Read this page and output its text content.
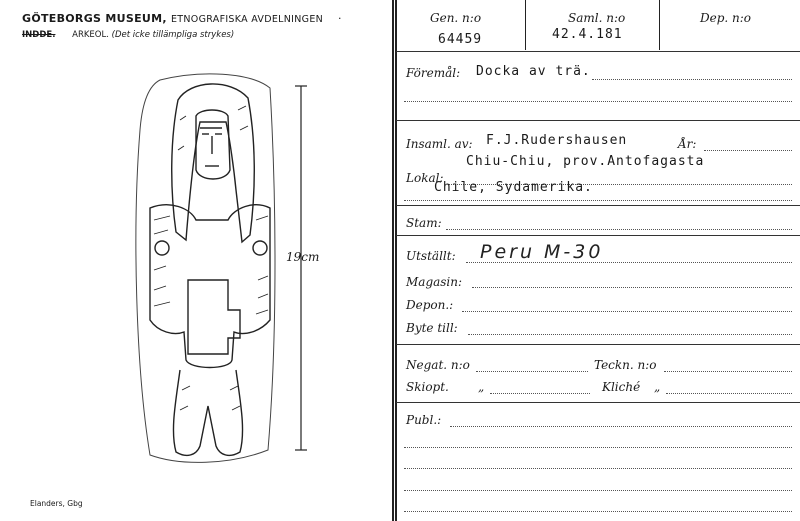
GÖTEBORGS MUSEUM, ETNOGRAFISKA AVDELNINGEN ·
INDDE. ARKEOL. (Det icke tillämpliga strykes)
19cm
Elanders, Gbg
Gen. n:o
64459
Saml. n:o
42.4.181
Dep. n:o
Föremål: Docka av trä.
Insaml. av: F.J.Rudershausen	År:
Chiu-Chiu, prov.Antofagasta
Lokal:
Chile, Sydamerika.
Stam:
Utställt: Peru M-30
Magasin:
Depon.:
Byte till:
Negat. n:o	Teckn. n:o
Skiopt. „	Kliché „
Publ.:
